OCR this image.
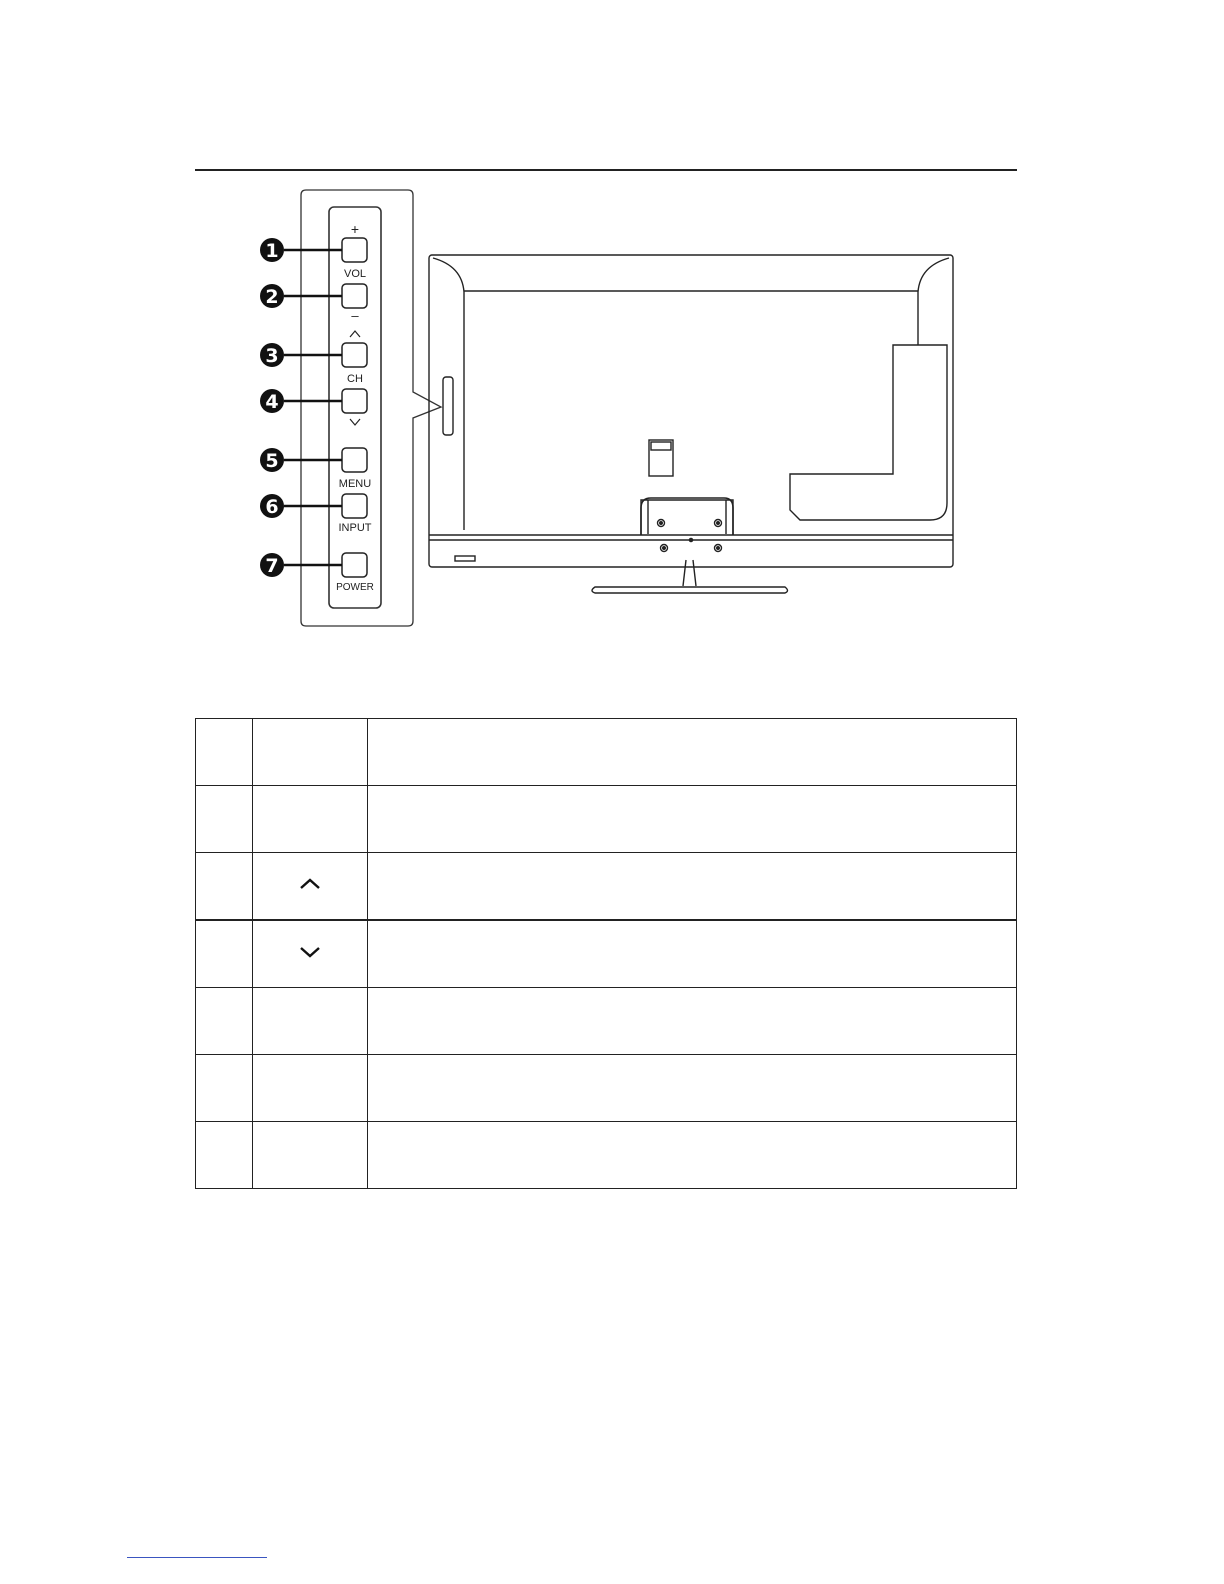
+
VOL
–
CH
MENU
INPUT
POWER
1
2
3
4
5
6
7
